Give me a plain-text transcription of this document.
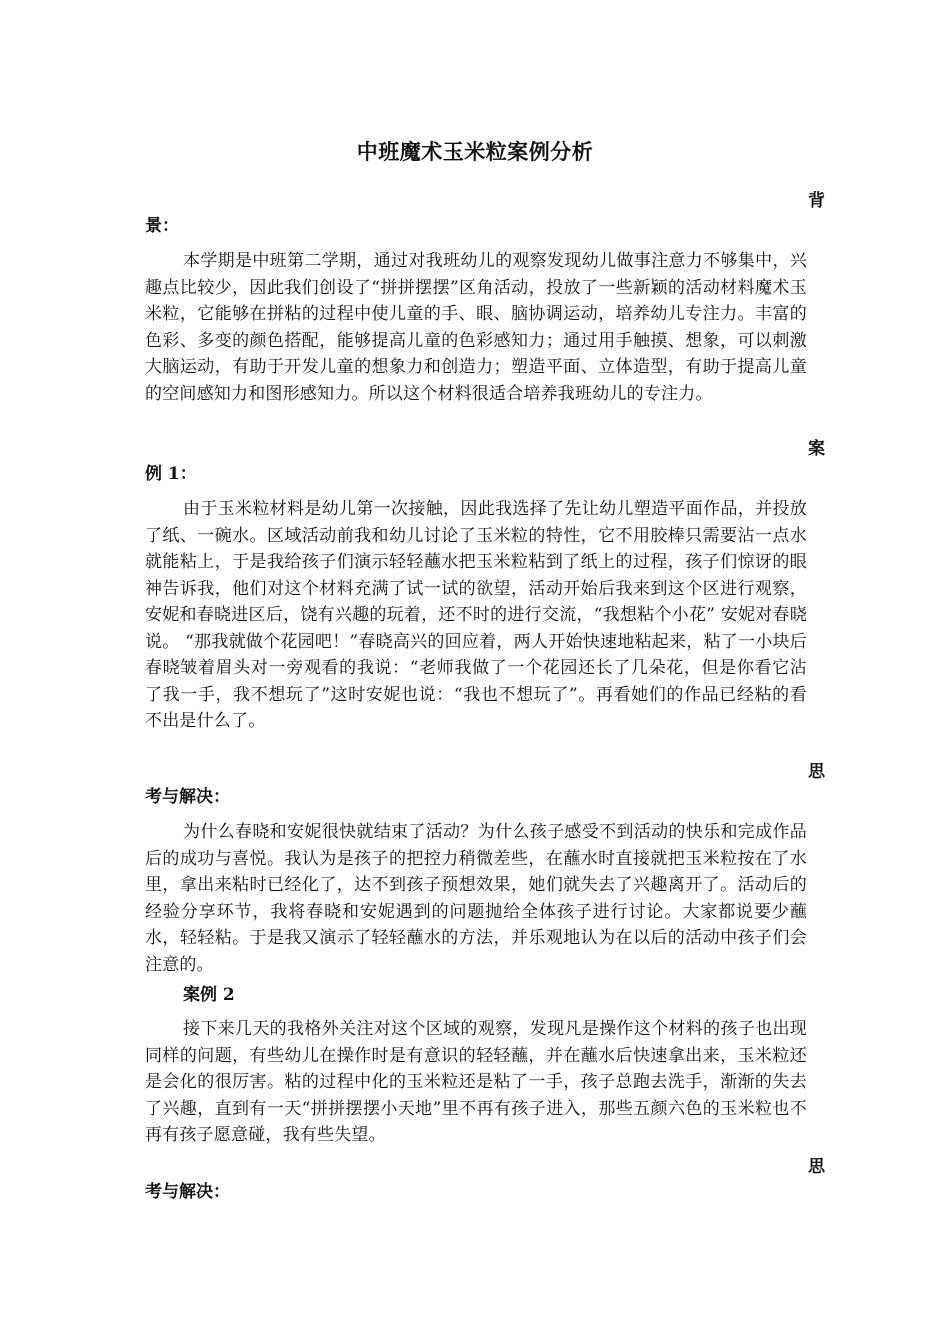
中班魔术玉米粒案例分析
背
景：

本学期是中班第二学期，通过对我班幼儿的观察发现幼儿做事注意力不够集中，兴趣点比较少，因此我们创设了“拼拼摆摆”区角活动，投放了一些新颖的活动材料魔术玉米粒，它能够在拼粘的过程中使儿童的手、眼、脑协调运动，培养幼儿专注力。丰富的色彩、多变的颜色搭配，能够提高儿童的色彩感知力；通过用手触摸、想象，可以刺激大脑运动，有助于开发儿童的想象力和创造力；塑造平面、立体造型，有助于提高儿童的空间感知力和图形感知力。所以这个材料很适合培养我班幼儿的专注力。

案
例 1：

由于玉米粒材料是幼儿第一次接触，因此我选择了先让幼儿塑造平面作品，并投放了纸、一碗水。区域活动前我和幼儿讨论了玉米粒的特性，它不用胶棒只需要沾一点水就能粘上，于是我给孩子们演示轻轻蘸水把玉米粒粘到了纸上的过程，孩子们惊讶的眼神告诉我，他们对这个材料充满了试一试的欲望，活动开始后我来到这个区进行观察，安妮和春晓进区后，饶有兴趣的玩着，还不时的进行交流，“我想粘个小花” 安妮对春晓说。 “那我就做个花园吧！”春晓高兴的回应着，两人开始快速地粘起来，粘了一小块后春晓皱着眉头对一旁观看的我说：“老师我做了一个花园还长了几朵花，但是你看它沾了我一手，我不想玩了”这时安妮也说：“我也不想玩了”。再看她们的作品已经粘的看不出是什么了。

思
考与解决：

为什么春晓和安妮很快就结束了活动？为什么孩子感受不到活动的快乐和完成作品后的成功与喜悦。我认为是孩子的把控力稍微差些，在蘸水时直接就把玉米粒按在了水里，拿出来粘时已经化了，达不到孩子预想效果，她们就失去了兴趣离开了。活动后的经验分享环节，我将春晓和安妮遇到的问题抛给全体孩子进行讨论。大家都说要少蘸水，轻轻粘。于是我又演示了轻轻蘸水的方法，并乐观地认为在以后的活动中孩子们会注意的。

案例 2

接下来几天的我格外关注对这个区域的观察，发现凡是操作这个材料的孩子也出现同样的问题，有些幼儿在操作时是有意识的轻轻蘸，并在蘸水后快速拿出来，玉米粒还是会化的很厉害。粘的过程中化的玉米粒还是粘了一手，孩子总跑去洗手，渐渐的失去了兴趣，直到有一天“拼拼摆摆小天地”里不再有孩子进入，那些五颜六色的玉米粒也不再有孩子愿意碰，我有些失望。

思
考与解决：
